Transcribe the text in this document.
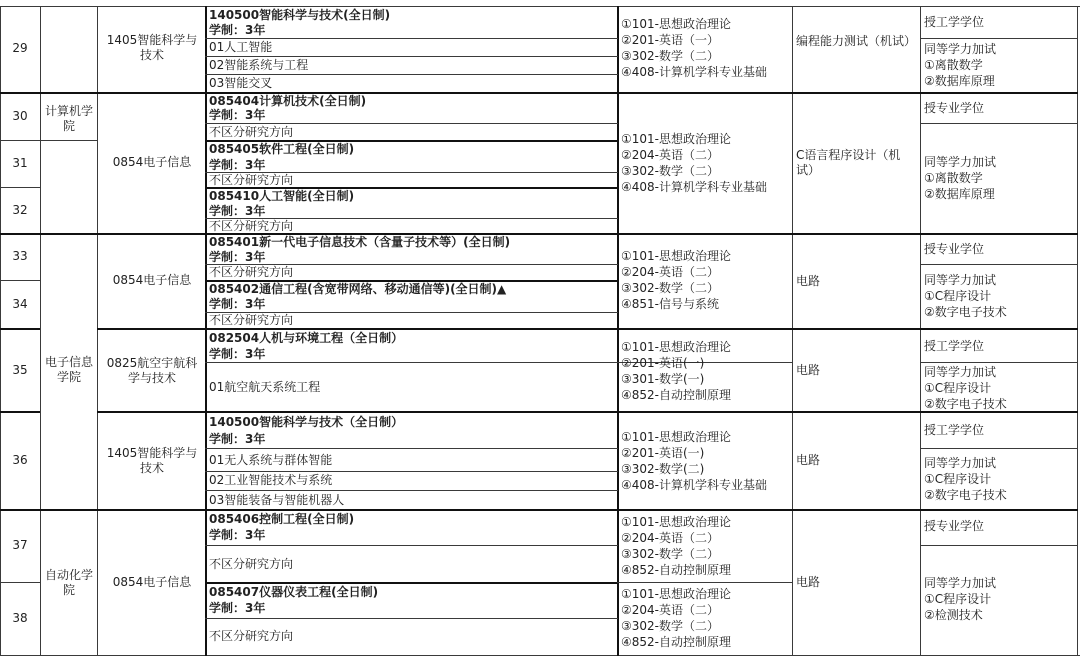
29
30
31
32
33
34
35
36
37
38
计算机学院
电子信息学院
自动化学院
1405智能科学与技术
0854电子信息
0854电子信息
0825航空宇航科学与技术
1405智能科学与技术
0854电子信息
140500智能科学与技术(全日制)
学制：3年
01人工智能
02智能系统与工程
03智能交叉
085404计算机技术(全日制)
学制：3年
不区分研究方向
085405软件工程(全日制)
学制：3年
不区分研究方向
085410人工智能(全日制)
学制：3年
不区分研究方向
085401新一代电子信息技术（含量子技术等）(全日制)
学制：3年
不区分研究方向
085402通信工程(含宽带网络、移动通信等)(全日制)▲
学制：3年
不区分研究方向
082504人机与环境工程（全日制）
学制：3年
01航空航天系统工程
140500智能科学与技术（全日制）
学制：3年
01无人系统与群体智能
02工业智能技术与系统
03智能装备与智能机器人
085406控制工程(全日制)
学制：3年
不区分研究方向
085407仪器仪表工程(全日制)
学制：3年
不区分研究方向
①101-思想政治理论
②201-英语（一）
③302-数学（二）
④408-计算机学科专业基础
①101-思想政治理论
②204-英语（二）
③302-数学（二）
④408-计算机学科专业基础
①101-思想政治理论
②204-英语（二）
③302-数学（二）
④851-信号与系统
①101-思想政治理论
②201-英语(一)
③301-数学(一)
④852-自动控制原理
①101-思想政治理论
②201-英语(一)
③302-数学(二)
④408-计算机学科专业基础
①101-思想政治理论
②204-英语（二）
③302-数学（二）
④852-自动控制原理
①101-思想政治理论
②204-英语（二）
③302-数学（二）
④852-自动控制原理
编程能力测试（机试）
C语言程序设计（机试）
电路
电路
电路
电路
授工学学位
同等学力加试
①离散数学
②数据库原理
授专业学位
同等学力加试
①离散数学
②数据库原理
授专业学位
同等学力加试
①C程序设计
②数字电子技术
授工学学位
同等学力加试
①C程序设计
②数字电子技术
授工学学位
同等学力加试
①C程序设计
②数字电子技术
授专业学位
同等学力加试
①C程序设计
②检测技术
